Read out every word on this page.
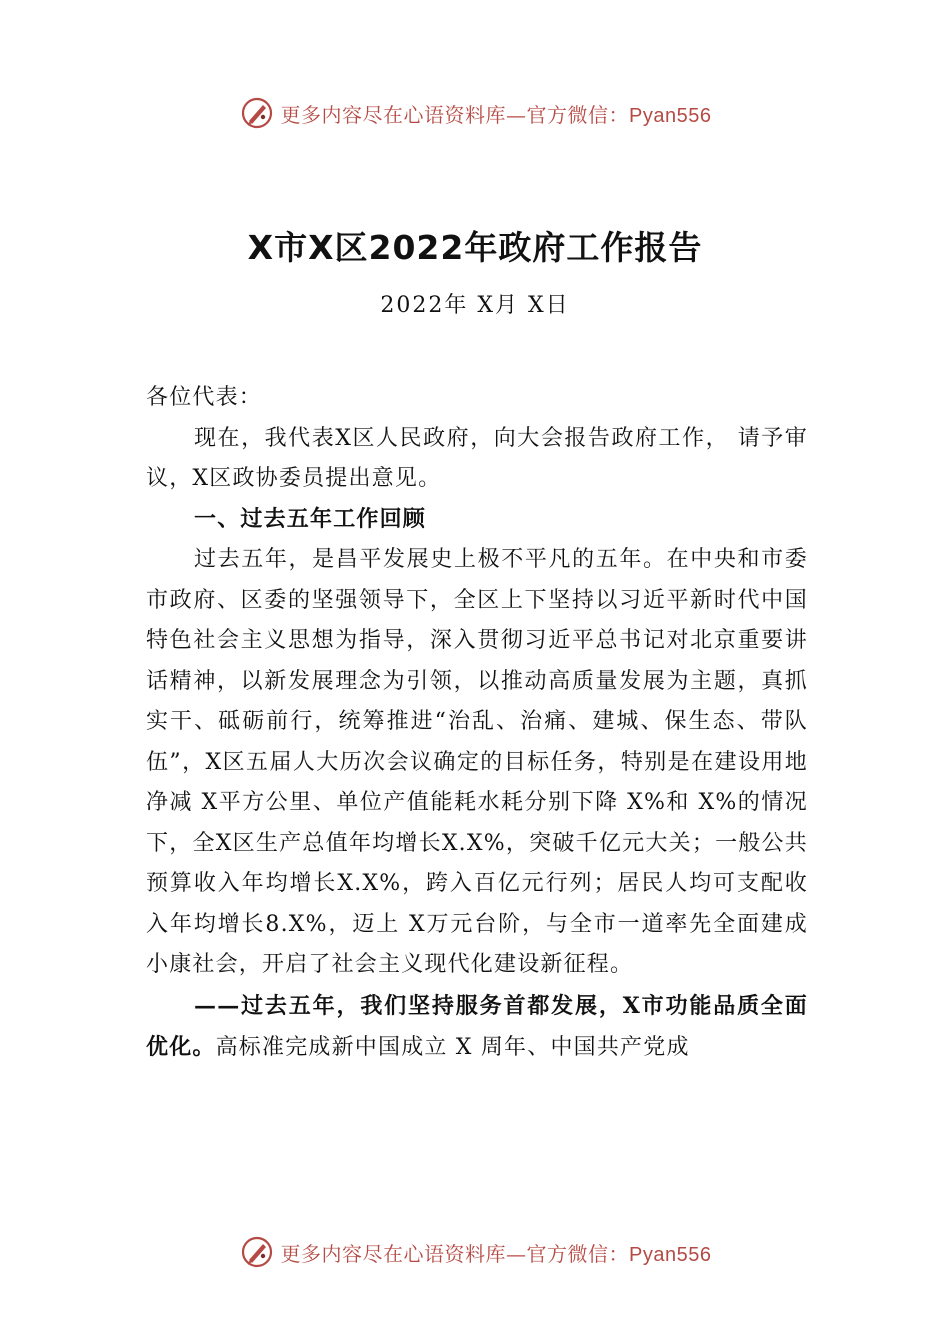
更多内容尽在心语资料库—官方微信：Pyan556
X市X区2022年政府工作报告
2022年 X月 X日

各位代表：

现在，我代表X区人民政府，向大会报告政府工作， 请予审议，X区政协委员提出意见。

一、过去五年工作回顾

过去五年，是昌平发展史上极不平凡的五年。在中央和市委市政府、区委的坚强领导下，全区上下坚持以习近平新时代中国特色社会主义思想为指导，深入贯彻习近平总书记对北京重要讲话精神，以新发展理念为引领，以推动高质量发展为主题，真抓实干、砥砺前行，统筹推进“治乱、治痛、建城、保生态、带队伍”，X区五届人大历次会议确定的目标任务，特别是在建设用地净减 X平方公里、单位产值能耗水耗分别下降 X%和 X%的情况下，全X区生产总值年均增长X.X%，突破千亿元大关；一般公共预算收入年均增长X.X%，跨入百亿元行列；居民人均可支配收入年均增长8.X%，迈上 X万元台阶，与全市一道率先全面建成小康社会，开启了社会主义现代化建设新征程。

——过去五年，我们坚持服务首都发展，X市功能品质全面优化。高标准完成新中国成立 X 周年、中国共产党成

更多内容尽在心语资料库—官方微信：Pyan556
